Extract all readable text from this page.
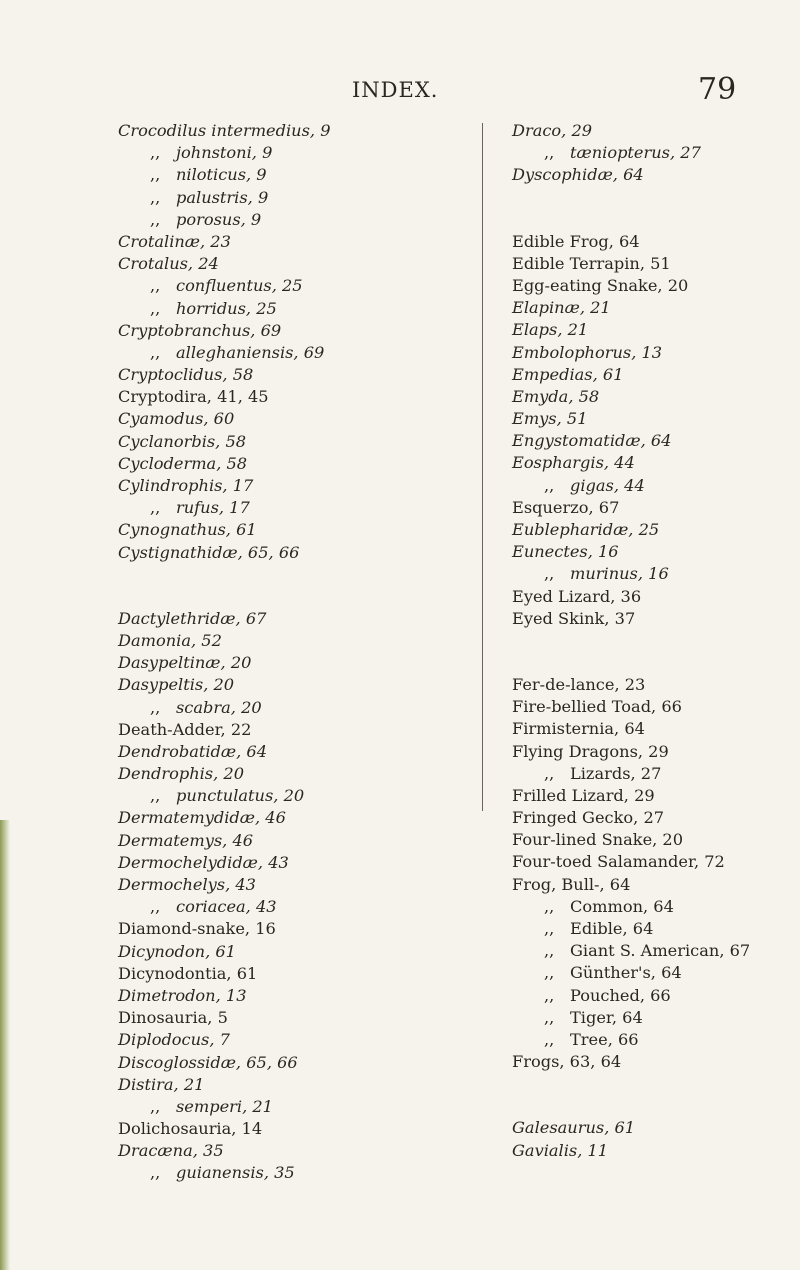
INDEX.	79
Crocodilus intermedius, 9
,, johnstoni, 9
,, niloticus, 9
,, palustris, 9
,, porosus, 9
Crotalinæ, 23
Crotalus, 24
,, confluentus, 25
,, horridus, 25
Cryptobranchus, 69
,, alleghaniensis, 69
Cryptoclidus, 58
Cryptodira, 41, 45
Cyamodus, 60
Cyclanorbis, 58
Cycloderma, 58
Cylindrophis, 17
,, rufus, 17
Cynognathus, 61
Cystignathidæ, 65, 66
Dactylethridæ, 67
Damonia, 52
Dasypeltinæ, 20
Dasypeltis, 20
,, scabra, 20
Death-Adder, 22
Dendrobatidæ, 64
Dendrophis, 20
,, punctulatus, 20
Dermatemydidæ, 46
Dermatemys, 46
Dermochelydidæ, 43
Dermochelys, 43
,, coriacea, 43
Diamond-snake, 16
Dicynodon, 61
Dicynodontia, 61
Dimetrodon, 13
Dinosauria, 5
Diplodocus, 7
Discoglossidæ, 65, 66
Distira, 21
,, semperi, 21
Dolichosauria, 14
Dracæna, 35
,, guianensis, 35
Draco, 29
,, tæniopterus, 27
Dyscophidæ, 64
Edible Frog, 64
Edible Terrapin, 51
Egg-eating Snake, 20
Elapinæ, 21
Elaps, 21
Embolophorus, 13
Empedias, 61
Emyda, 58
Emys, 51
Engystomatidæ, 64
Eosphargis, 44
,, gigas, 44
Esquerzo, 67
Eublepharidæ, 25
Eunectes, 16
,, murinus, 16
Eyed Lizard, 36
Eyed Skink, 37
Fer-de-lance, 23
Fire-bellied Toad, 66
Firmisternia, 64
Flying Dragons, 29
,, Lizards, 27
Frilled Lizard, 29
Fringed Gecko, 27
Four-lined Snake, 20
Four-toed Salamander, 72
Frog, Bull-, 64
,, Common, 64
,, Edible, 64
,, Giant S. American, 67
,, Günther's, 64
,, Pouched, 66
,, Tiger, 64
,, Tree, 66
Frogs, 63, 64
Galesaurus, 61
Gavialis, 11
